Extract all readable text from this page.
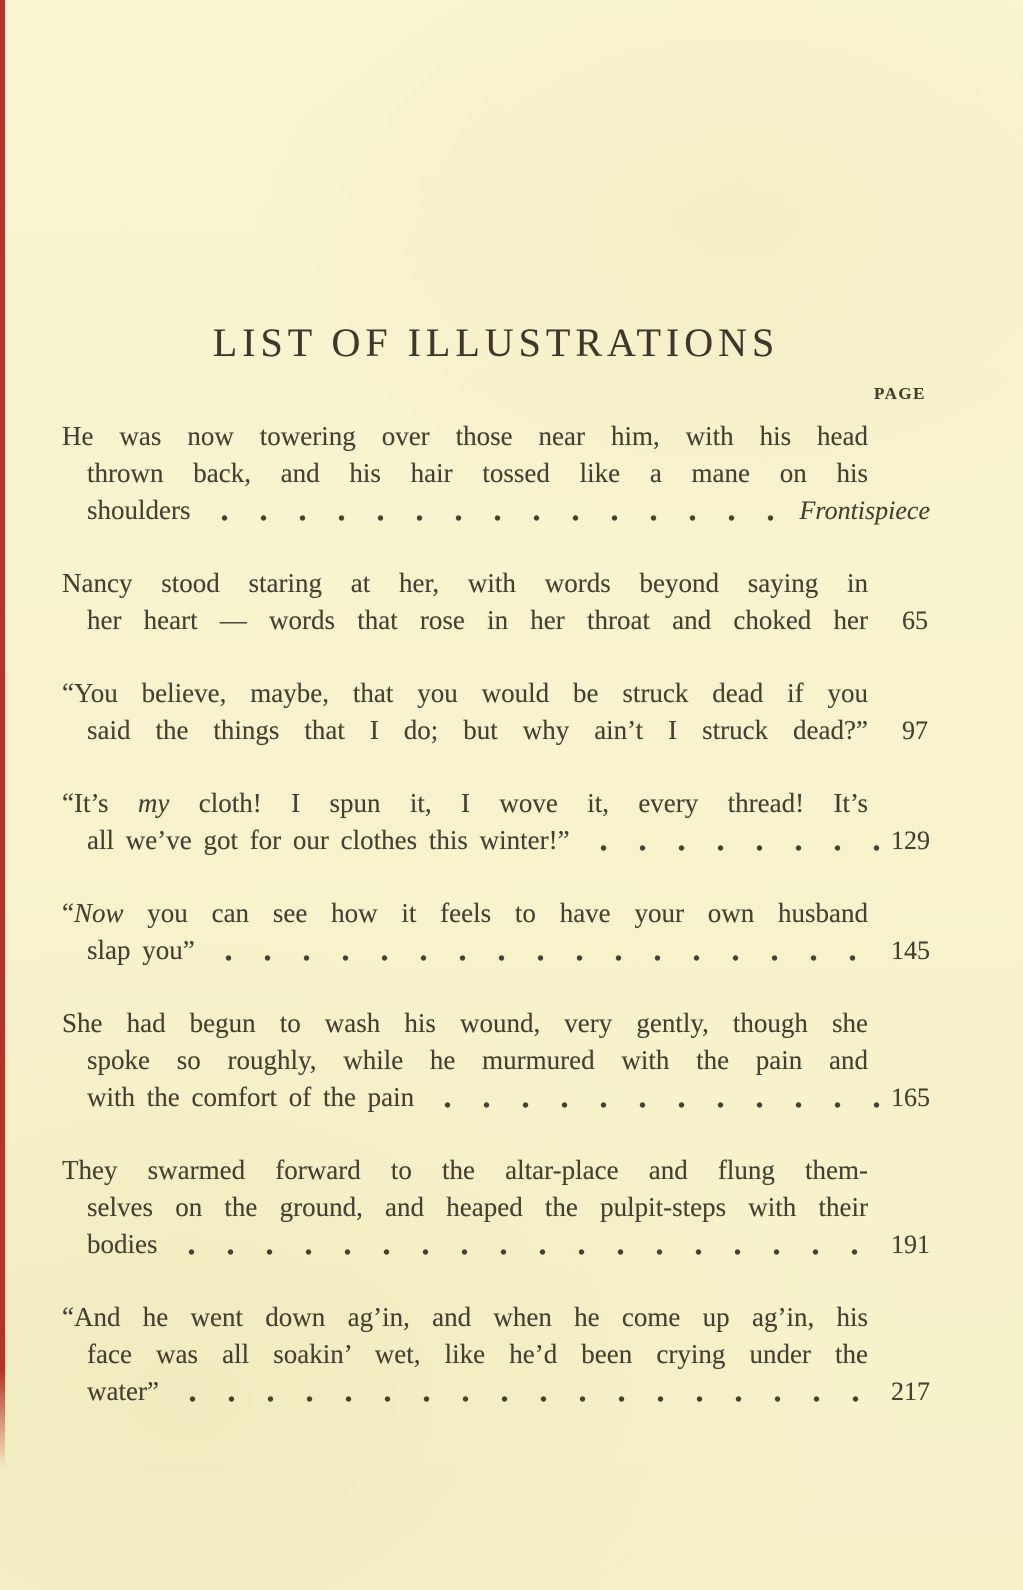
LIST OF ILLUSTRATIONS
PAGE
He was now towering over those near him, with his head
thrown back, and his hair tossed like a mane on his
shoulders	Frontispiece
Nancy stood staring at her, with words beyond saying in
her heart — words that rose in her throat and choked her 65
“You believe, maybe, that you would be struck dead if you
said the things that I do; but why ain’t I struck dead?” 97
“It’s my cloth! I spun it, I wove it, every thread! It’s
all we’ve got for our clothes this winter!”	129
“Now you can see how it feels to have your own husband
slap you”	145
She had begun to wash his wound, very gently, though she
spoke so roughly, while he murmured with the pain and
with the comfort of the pain	165
They swarmed forward to the altar-place and flung them-
selves on the ground, and heaped the pulpit-steps with their
bodies	191
“And he went down ag’in, and when he come up ag’in, his
face was all soakin’ wet, like he’d been crying under the
water”	217
